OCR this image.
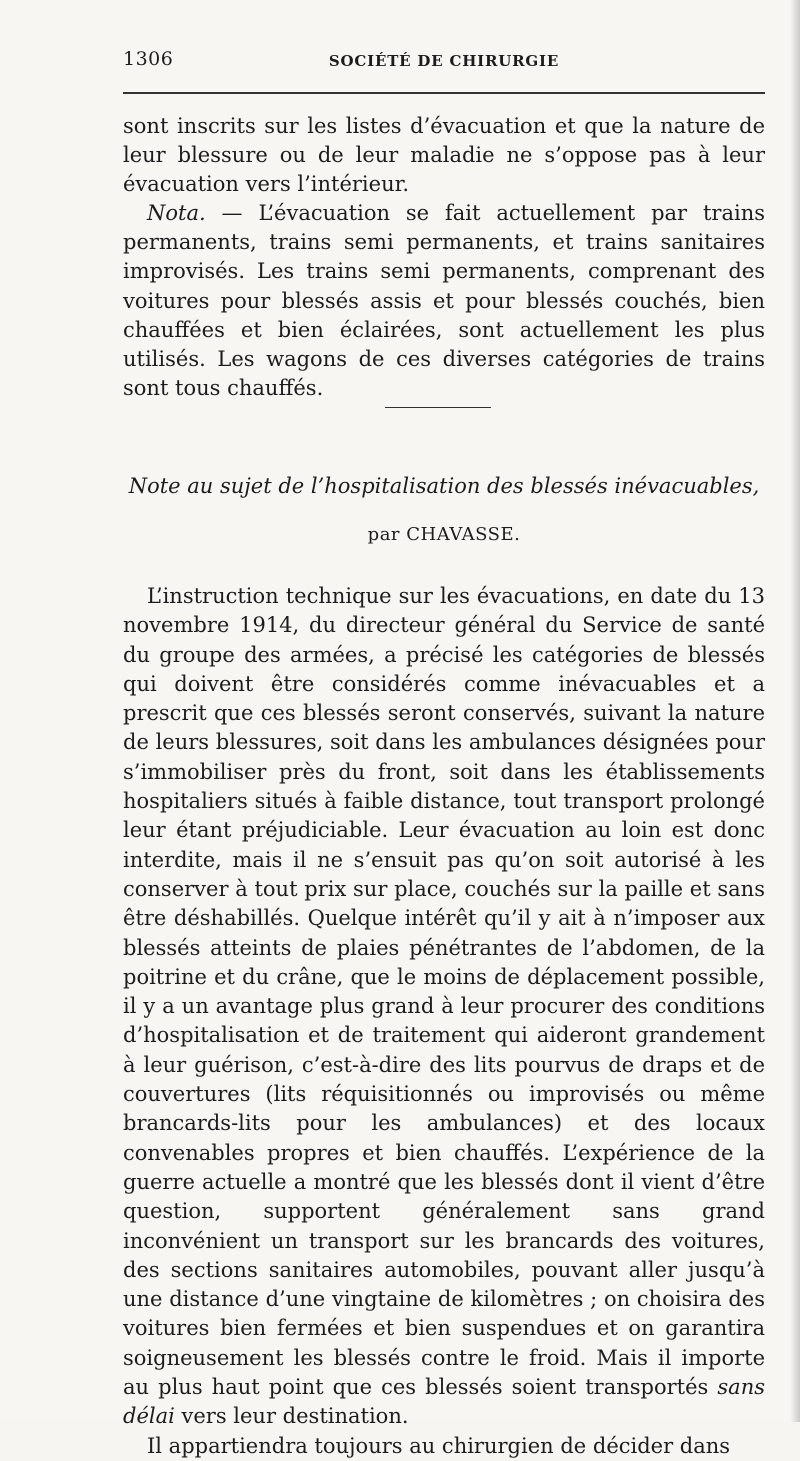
1306	SOCIÉTÉ DE CHIRURGIE
sont inscrits sur les listes d’évacuation et que la nature de leur blessure ou de leur maladie ne s’oppose pas à leur évacuation vers l’intérieur.
Nota. — L’évacuation se fait actuellement par trains permanents, trains semi permanents, et trains sanitaires improvisés. Les trains semi permanents, comprenant des voitures pour blessés assis et pour blessés couchés, bien chauffées et bien éclairées, sont actuellement les plus utilisés. Les wagons de ces diverses catégories de trains sont tous chauffés.
Note au sujet de l’hospitalisation des blessés inévacuables,
par CHAVASSE.

L’instruction technique sur les évacuations, en date du 13 novembre 1914, du directeur général du Service de santé du groupe des armées, a précisé les catégories de blessés qui doivent être considérés comme inévacuables et a prescrit que ces blessés seront conservés, suivant la nature de leurs blessures, soit dans les ambulances désignées pour s’immobiliser près du front, soit dans les établissements hospitaliers situés à faible distance, tout transport prolongé leur étant préjudiciable. Leur évacuation au loin est donc interdite, mais il ne s’ensuit pas qu’on soit autorisé à les conserver à tout prix sur place, couchés sur la paille et sans être déshabillés. Quelque intérêt qu’il y ait à n’imposer aux blessés atteints de plaies pénétrantes de l’abdomen, de la poitrine et du crâne, que le moins de déplacement possible, il y a un avantage plus grand à leur procurer des conditions d’hospitalisation et de traitement qui aideront grandement à leur guérison, c’est-à-dire des lits pourvus de draps et de couvertures (lits réquisitionnés ou improvisés ou même brancards-lits pour les ambulances) et des locaux convenables propres et bien chauffés. L’expérience de la guerre actuelle a montré que les blessés dont il vient d’être question, supportent généralement sans grand inconvénient un transport sur les brancards des voitures, des sections sanitaires automobiles, pouvant aller jusqu’à une distance d’une vingtaine de kilomètres ; on choisira des voitures bien fermées et bien suspendues et on garantira soigneusement les blessés contre le froid. Mais il importe au plus haut point que ces blessés soient transportés sans délai vers leur destination.

Il appartiendra toujours au chirurgien de décider dans
